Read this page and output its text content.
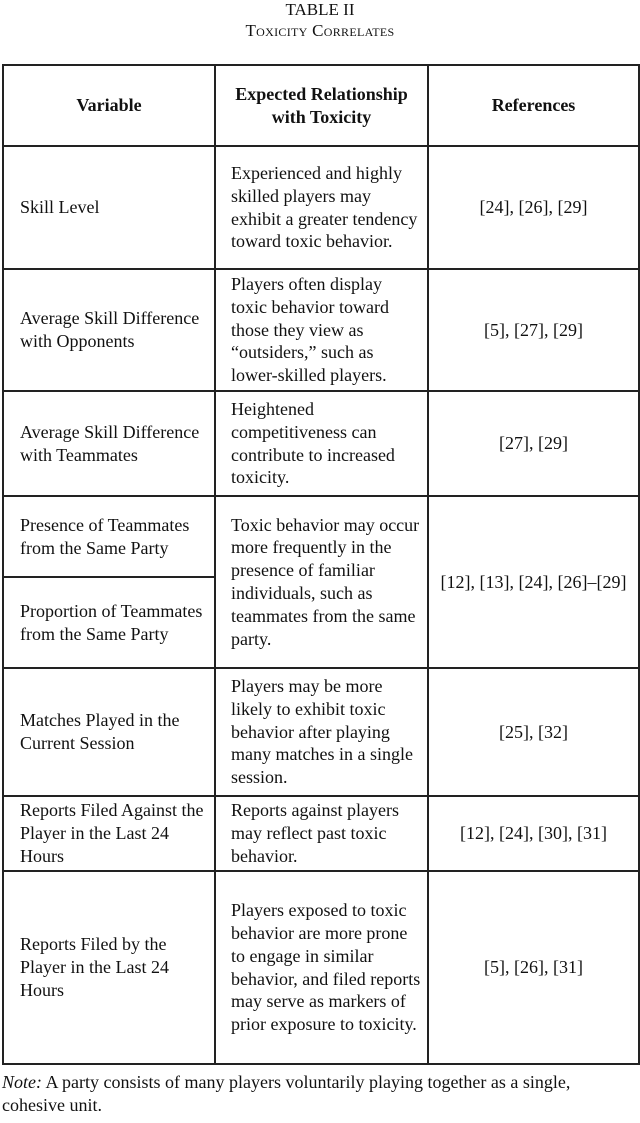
TABLE II
Toxicity Correlates
Variable	Expected Relationship with Toxicity	References
Skill Level	Experienced and highly skilled players may exhibit a greater tendency toward toxic behavior.	[24], [26], [29]
Average Skill Difference with Opponents	Players often display toxic behavior toward those they view as “outsiders,” such as lower-skilled players.	[5], [27], [29]
Average Skill Difference with Teammates	Heightened competitiveness can contribute to increased toxicity.	[27], [29]
Presence of Teammates from the Same Party	Toxic behavior may occur more frequently in the presence of familiar individuals, such as teammates from the same party.	[12], [13], [24], [26]–[29]
Proportion of Teammates from the Same Party		
Matches Played in the Current Session	Players may be more likely to exhibit toxic behavior after playing many matches in a single session.	[25], [32]
Reports Filed Against the Player in the Last 24 Hours	Reports against players may reflect past toxic behavior.	[12], [24], [30], [31]
Reports Filed by the Player in the Last 24 Hours	Players exposed to toxic behavior are more prone to engage in similar behavior, and filed reports may serve as markers of prior exposure to toxicity.	[5], [26], [31]
Note: A party consists of many players voluntarily playing together as a single, cohesive unit.
